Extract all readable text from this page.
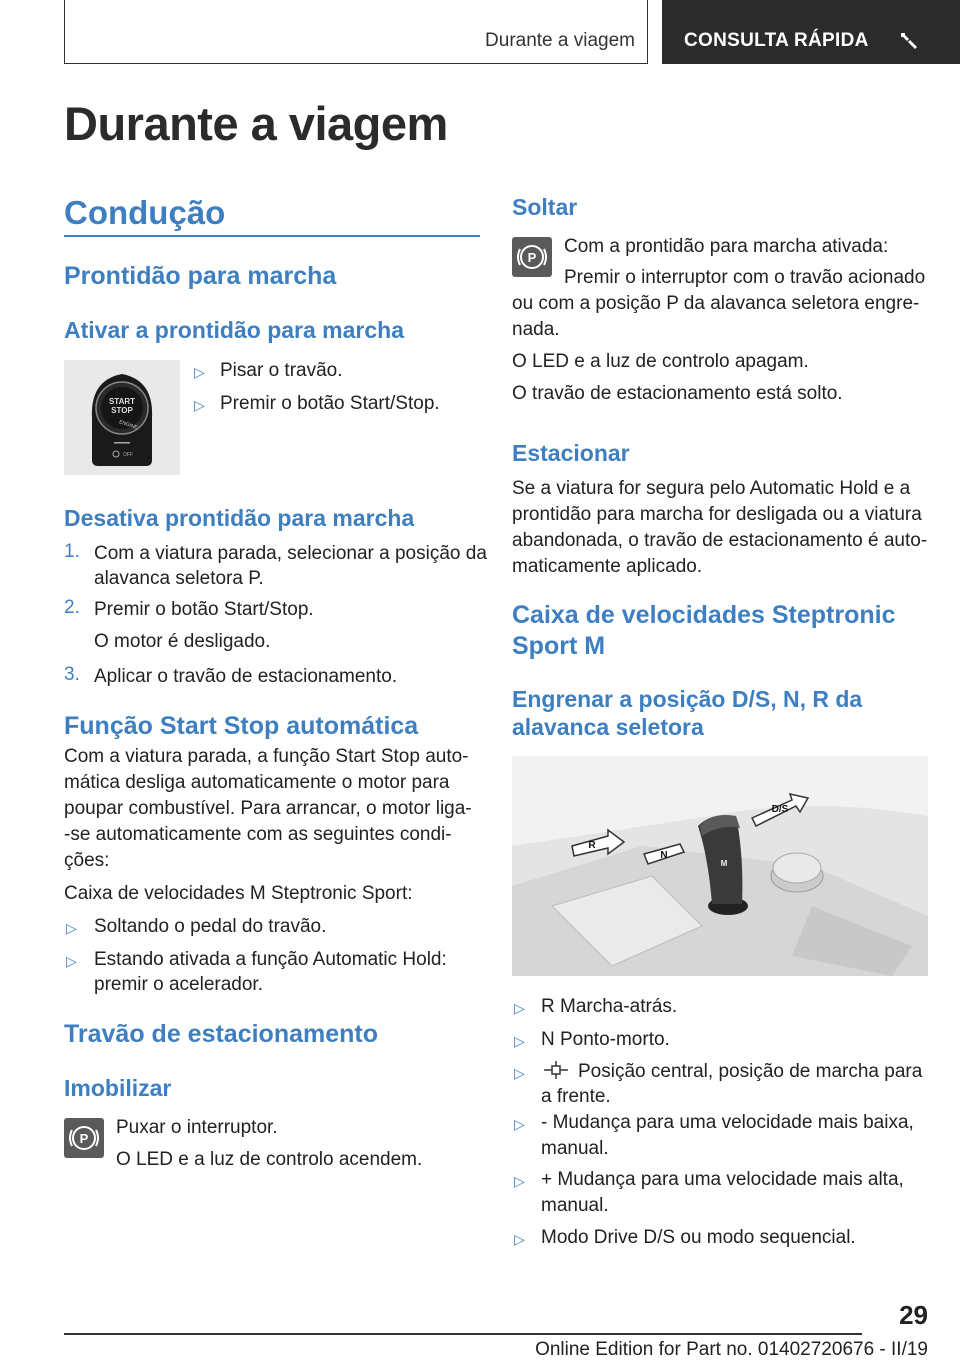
Durante a viagem	CONSULTA RÁPIDA
Durante a viagem
Condução
Prontidão para marcha
Ativar a prontidão para marcha
START
STOP
ENGINE
OFF
▷ Pisar o travão.
▷ Premir o botão Start/Stop.
Desativa prontidão para marcha
1. Com a viatura parada, selecionar a posição da
alavanca seletora P.
2. Premir o botão Start/Stop.
O motor é desligado.
3. Aplicar o travão de estacionamento.
Função Start Stop automática
Com a viatura parada, a função Start Stop auto-
mática desliga automaticamente o motor para
poupar combustível. Para arrancar, o motor liga-
-se automaticamente com as seguintes condi-
ções:
Caixa de velocidades M Steptronic Sport:
▷ Soltando o pedal do travão.
▷ Estando ativada a função Automatic Hold:
premir o acelerador.
Travão de estacionamento
Imobilizar
P
Puxar o interruptor.
O LED e a luz de controlo acendem.
Soltar
P
Com a prontidão para marcha ativada:
Premir o interruptor com o travão acionado
ou com a posição P da alavanca seletora engre-
nada.
O LED e a luz de controlo apagam.
O travão de estacionamento está solto.
Estacionar
Se a viatura for segura pelo Automatic Hold e a
prontidão para marcha for desligada ou a viatura
abandonada, o travão de estacionamento é auto-
maticamente aplicado.
Caixa de velocidades Steptronic
Sport M
Engrenar a posição D/S, N, R da
alavanca seletora
M
R
N
D/S
▷ R Marcha-atrás.
▷ N Ponto-morto.
▷	Posição central, posição de marcha para
a frente.
▷ - Mudança para uma velocidade mais baixa,
manual.
▷ + Mudança para uma velocidade mais alta,
manual.
▷ Modo Drive D/S ou modo sequencial.
29
Online Edition for Part no. 01402720676 - II/19
